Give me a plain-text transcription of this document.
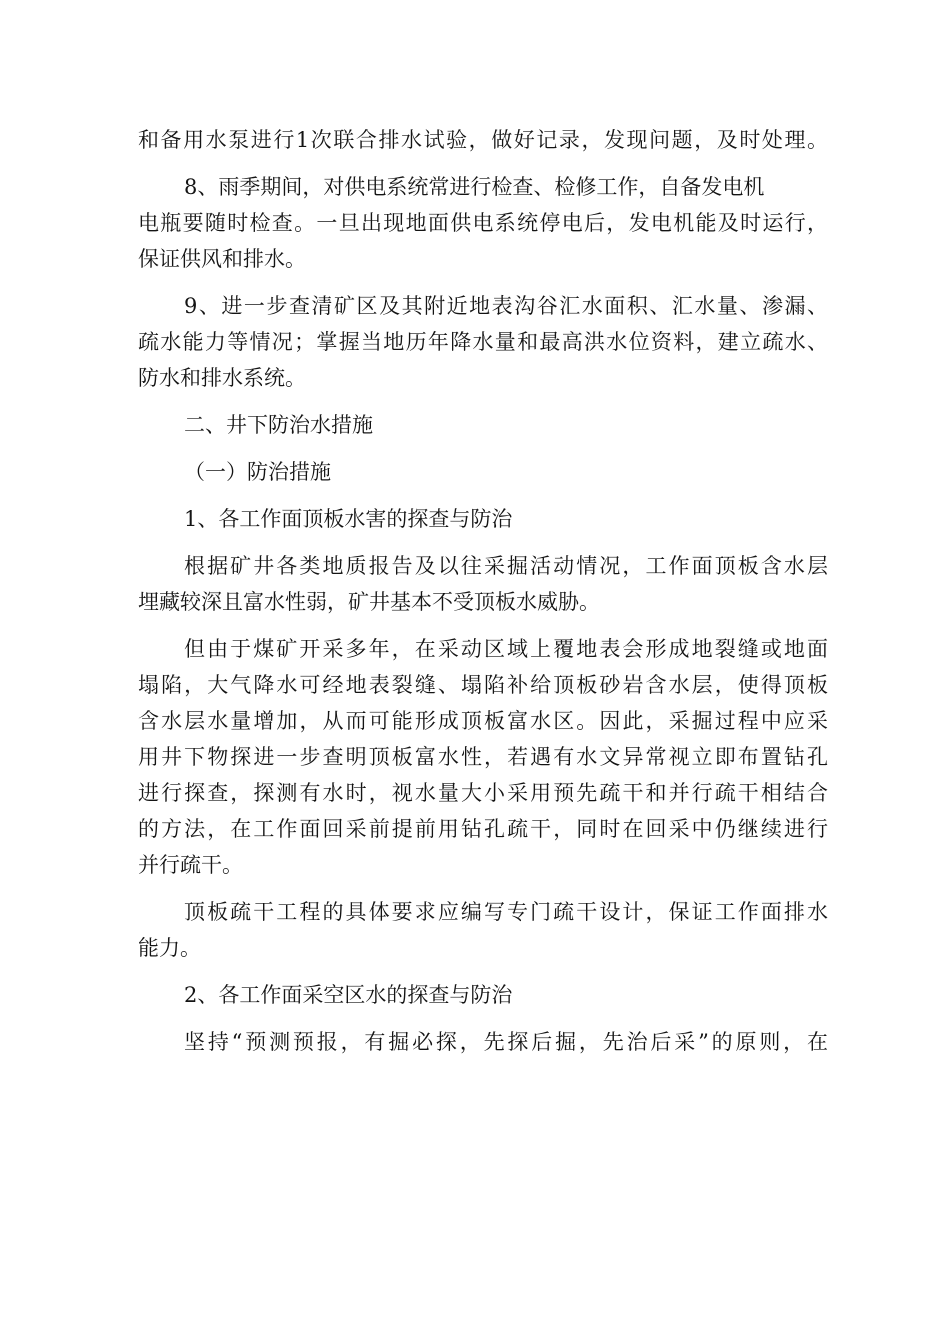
和备用水泵进行1次联合排水试验，做好记录，发现问题，及时处理。
8、雨季期间，对供电系统常进行检查、检修工作，自备发电机
电瓶要随时检查。一旦出现地面供电系统停电后，发电机能及时运行，
保证供风和排水。
9、进一步查清矿区及其附近地表沟谷汇水面积、汇水量、渗漏、
疏水能力等情况；掌握当地历年降水量和最高洪水位资料，建立疏水、
防水和排水系统。
二、井下防治水措施
（一）防治措施
1、各工作面顶板水害的探查与防治
根据矿井各类地质报告及以往采掘活动情况，工作面顶板含水层
埋藏较深且富水性弱，矿井基本不受顶板水威胁。
但由于煤矿开采多年，在采动区域上覆地表会形成地裂缝或地面
塌陷，大气降水可经地表裂缝、塌陷补给顶板砂岩含水层，使得顶板
含水层水量增加，从而可能形成顶板富水区。因此，采掘过程中应采
用井下物探进一步查明顶板富水性，若遇有水文异常视立即布置钻孔
进行探查，探测有水时，视水量大小采用预先疏干和并行疏干相结合
的方法，在工作面回采前提前用钻孔疏干，同时在回采中仍继续进行
并行疏干。
顶板疏干工程的具体要求应编写专门疏干设计，保证工作面排水
能力。
2、各工作面采空区水的探查与防治
坚持“预测预报，有掘必探，先探后掘，先治后采”的原则，在
